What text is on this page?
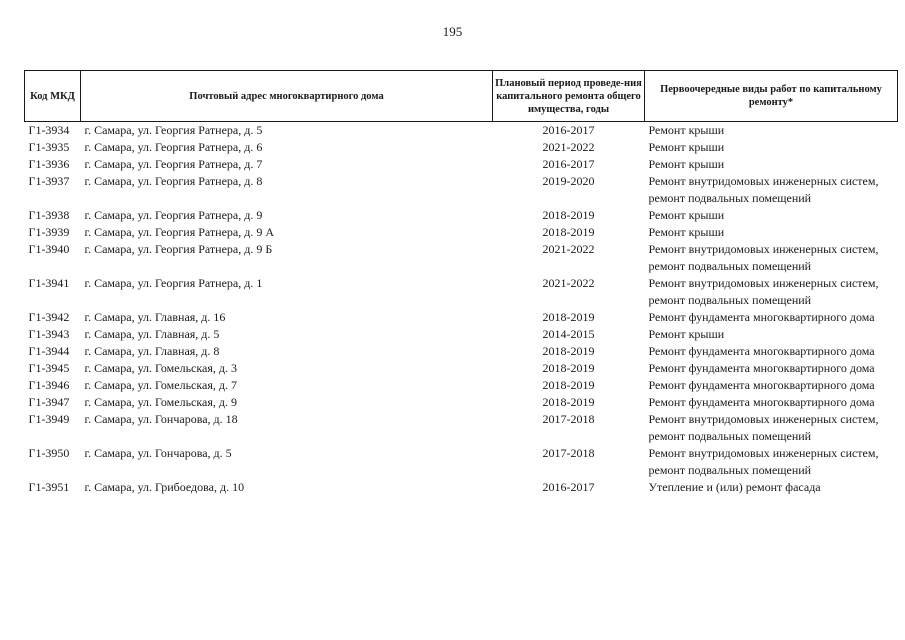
195
Код МКД	Почтовый адрес многоквартирного дома	Плановый период проведе-ния капитального ремонта общего имущества, годы	Первоочередные виды работ по капитальному ремонту*
Г1-3934	г. Самара, ул. Георгия Ратнера, д. 5	2016-2017	Ремонт крыши

Г1-3935	г. Самара, ул. Георгия Ратнера, д. 6	2021-2022	Ремонт крыши

Г1-3936	г. Самара, ул. Георгия Ратнера, д. 7	2016-2017	Ремонт крыши

Г1-3937	г. Самара, ул. Георгия Ратнера, д. 8	2019-2020	Ремонт внутридомовых инженерных систем,
ремонт подвальных помещений

Г1-3938	г. Самара, ул. Георгия Ратнера, д. 9	2018-2019	Ремонт крыши

Г1-3939	г. Самара, ул. Георгия Ратнера, д. 9 А	2018-2019	Ремонт крыши

Г1-3940	г. Самара, ул. Георгия Ратнера, д. 9 Б	2021-2022	Ремонт внутридомовых инженерных систем,
ремонт подвальных помещений

Г1-3941	г. Самара, ул. Георгия Ратнера, д. 1	2021-2022	Ремонт внутридомовых инженерных систем,
ремонт подвальных помещений

Г1-3942	г. Самара, ул. Главная, д. 16	2018-2019	Ремонт фундамента многоквартирного дома

Г1-3943	г. Самара, ул. Главная, д. 5	2014-2015	Ремонт крыши

Г1-3944	г. Самара, ул. Главная, д. 8	2018-2019	Ремонт фундамента многоквартирного дома

Г1-3945	г. Самара, ул. Гомельская, д. 3	2018-2019	Ремонт фундамента многоквартирного дома

Г1-3946	г. Самара, ул. Гомельская, д. 7	2018-2019	Ремонт фундамента многоквартирного дома

Г1-3947	г. Самара, ул. Гомельская, д. 9	2018-2019	Ремонт фундамента многоквартирного дома

Г1-3949	г. Самара, ул. Гончарова, д. 18	2017-2018	Ремонт внутридомовых инженерных систем,
ремонт подвальных помещений

Г1-3950	г. Самара, ул. Гончарова, д. 5	2017-2018	Ремонт внутридомовых инженерных систем,
ремонт подвальных помещений

Г1-3951	г. Самара, ул. Грибоедова, д. 10	2016-2017	Утепление и (или) ремонт фасада
